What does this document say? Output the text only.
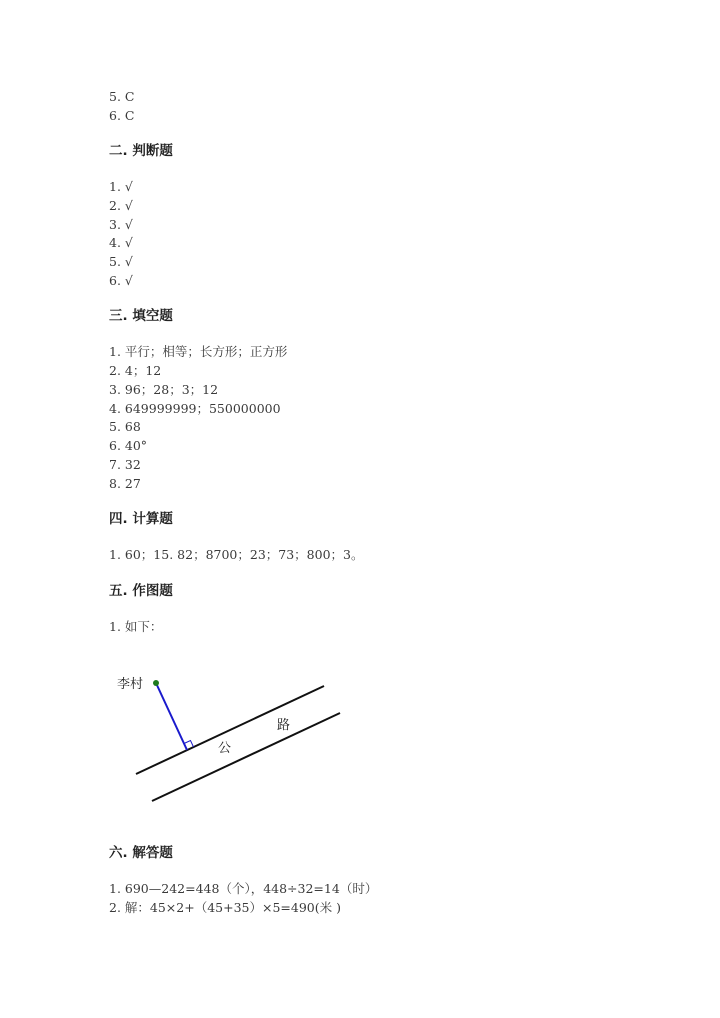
5. C
6. C
二. 判断题
1. √
2. √
3. √
4. √
5. √
6. √
三. 填空题
1. 平行；相等；长方形；正方形
2. 4；12
3. 96；28；3；12
4. 649999999；550000000
5. 68
6. 40°
7. 32
8. 27
四. 计算题
1. 60；15. 82；8700；23；73；800；3。
五. 作图题
1. 如下：
李村
公
路
六. 解答题
1. 690—242=448（个），448÷32=14（时）
2. 解：45×2+（45+35）×5=490(米 )
